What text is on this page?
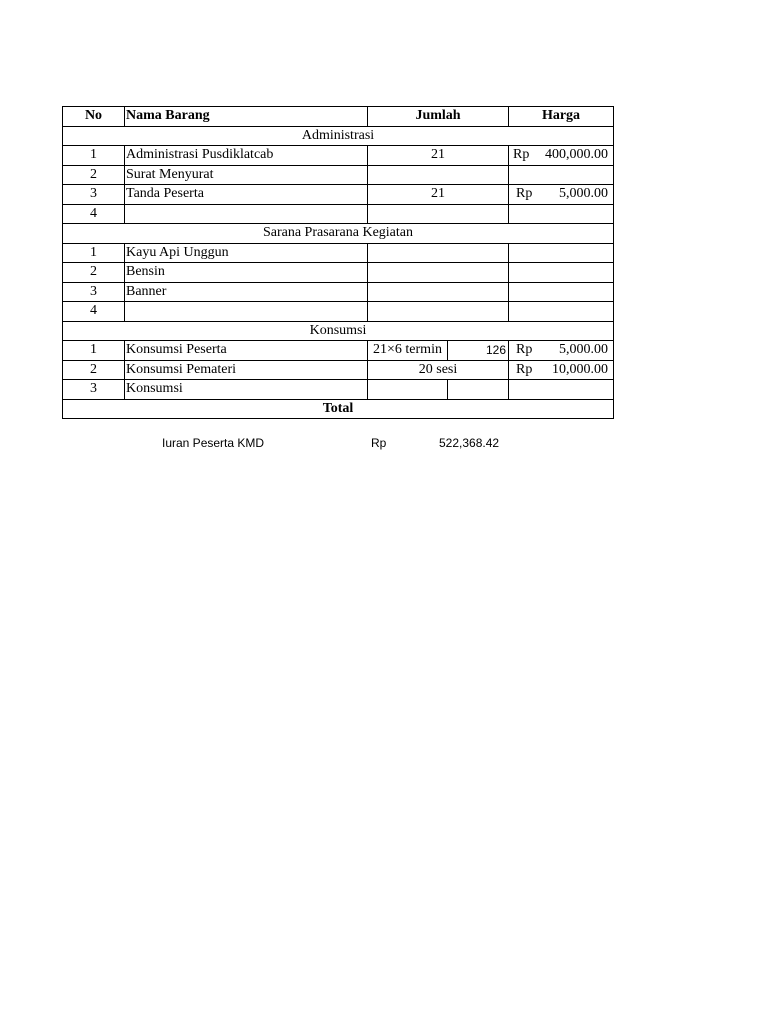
No	Nama Barang	Jumlah		Harga
Administrasi				
1	Administrasi Pusdiklatcab	21		Rp 400,000.00

2	Surat Menyurat			
3	Tanda Peserta	21		Rp 5,000.00

4				
Sarana Prasarana Kegiatan				
1	Kayu Api Unggun			
2	Bensin			
3	Banner			
4				
Konsumsi				
1	Konsumsi Peserta	21×6 termin	126	Rp 5,000.00

2	Konsumsi Pemateri	20 sesi		Rp 10,000.00

3	Konsumsi			
Total				
Iuran Peserta KMD	Rp	522,368.42
